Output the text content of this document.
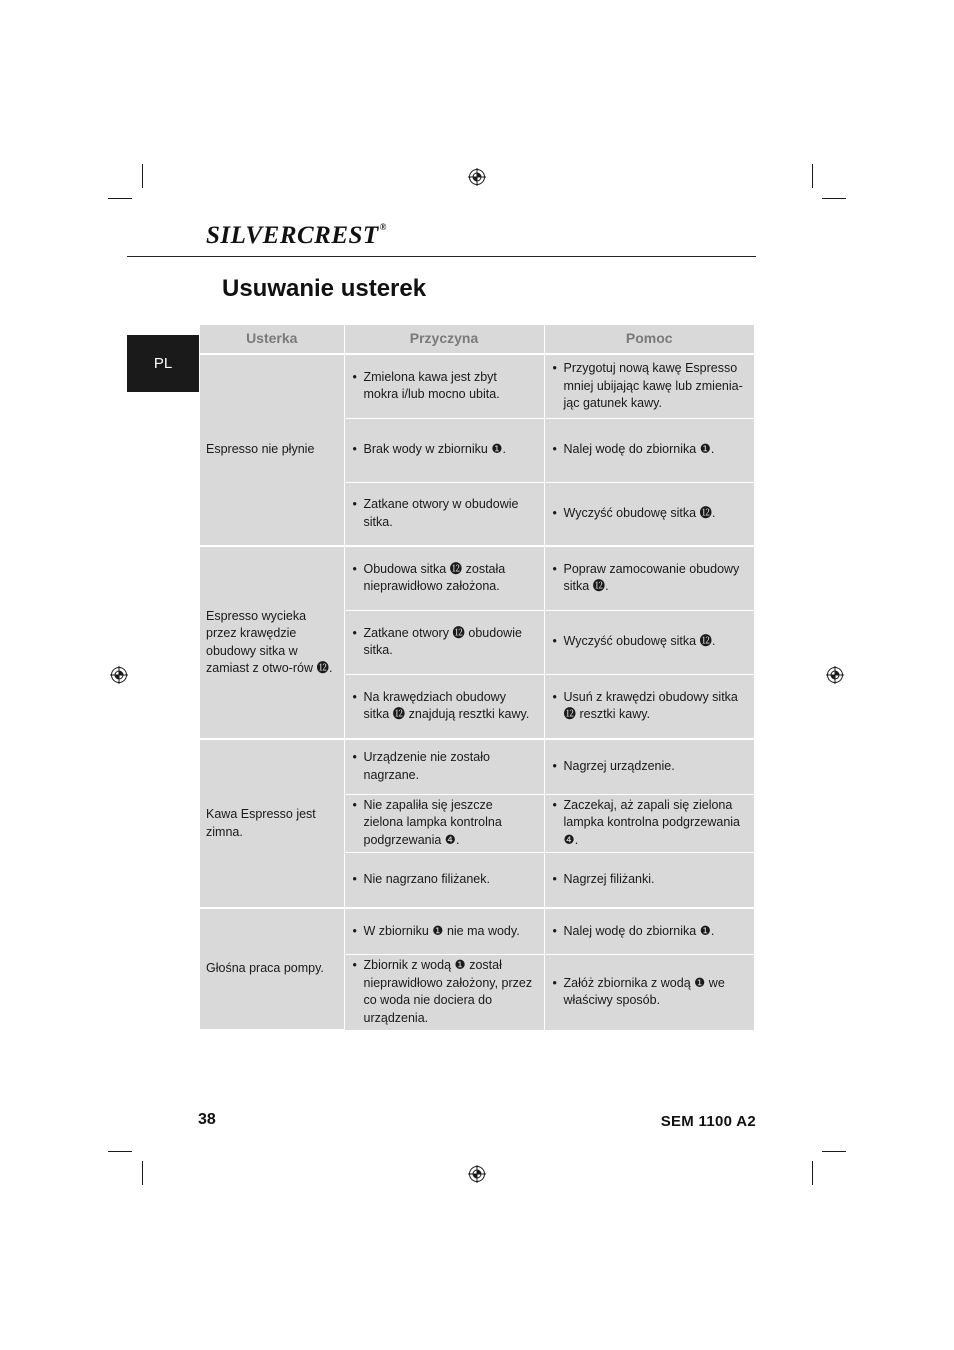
SILVERCREST®
Usuwanie usterek
PL
Usterka	Przyczyna	Pomoc
Espresso nie płynie	• Zmielona kawa jest zbyt mokra i/lub mocno ubita.	• Przygotuj nową kawę Espresso mniej ubijając kawę lub zmienia-jąc gatunek kawy.

	• Brak wody w zbiorniku ❶.	• Nalej wodę do zbiornika ❶.

	• Zatkane otwory w obudowie sitka.	• Wyczyść obudowę sitka ⓬.

Espresso wycieka przez krawędzie obudowy sitka w zamiast z otwo-rów ⓬.	• Obudowa sitka ⓬ została nieprawidłowo założona.	• Popraw zamocowanie obudowy sitka ⓬.

	• Zatkane otwory ⓬ obudowie sitka.	• Wyczyść obudowę sitka ⓬.

	• Na krawędziach obudowy sitka ⓬ znajdują resztki kawy.	• Usuń z krawędzi obudowy sitka ⓬ resztki kawy.

Kawa Espresso jest zimna.	• Urządzenie nie zostało nagrzane.	• Nagrzej urządzenie.

	• Nie zapaliła się jeszcze zielona lampka kontrolna podgrzewania ❹.	• Zaczekaj, aż zapali się zielona lampka kontrolna podgrzewania ❹.

	• Nie nagrzano filiżanek.	• Nagrzej filiżanki.

Głośna praca pompy.	• W zbiorniku ❶ nie ma wody.	• Nalej wodę do zbiornika ❶.

	• Zbiornik z wodą ❶ został nieprawidłowo założony, przez co woda nie dociera do urządzenia.	• Załóż zbiornika z wodą ❶ we właściwy sposób.
38	SEM 1100 A2
